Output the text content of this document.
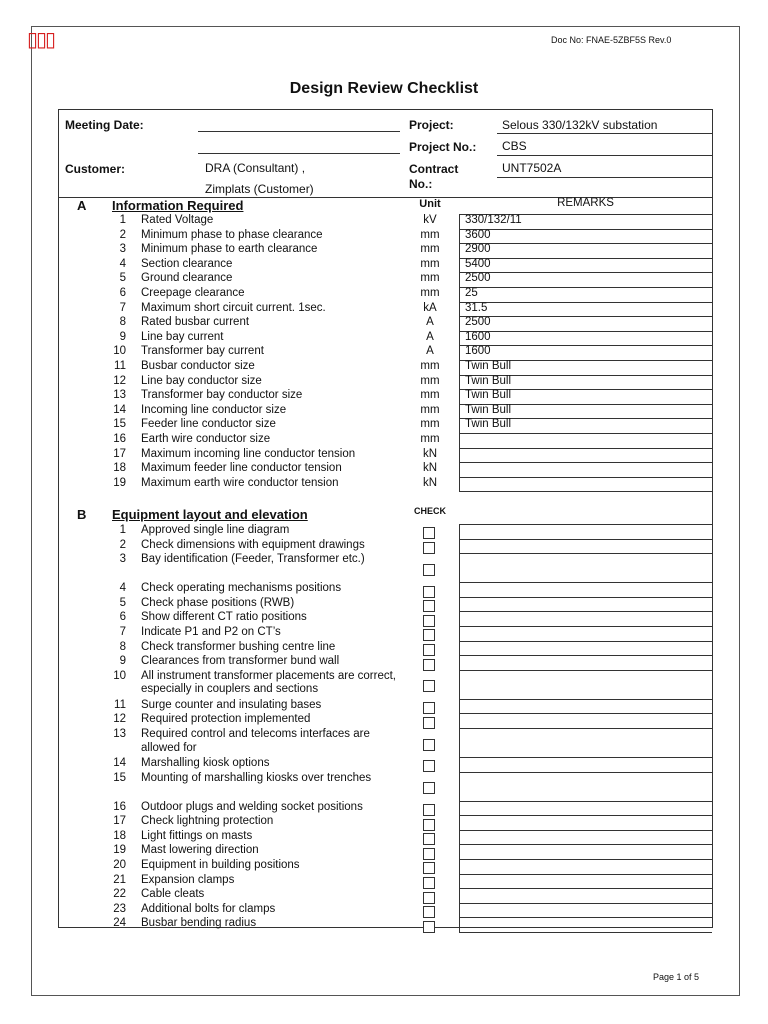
▯▯▯	Doc No: FNAE-5ZBF5S Rev.0
Design Review Checklist
Meeting Date:	Project:	Selous 330/132kV substation
Project No.: CBS
Customer:	DRA (Consultant) ,
Zimplats (Customer)
Contract
No.:
UNT7502A
A Information Required	Unit	REMARKS
1 Rated Voltage	kV	330/132/11
2 Minimum phase to phase clearance	mm	3600
3 Minimum phase to earth clearance	mm	2900
4 Section clearance	mm	5400
5 Ground clearance	mm	2500
6 Creepage clearance	mm	25
7 Maximum short circuit current. 1sec.	kA	31.5
8 Rated busbar current	A	2500
9 Line bay current	A	1600
10 Transformer bay current	A	1600
11 Busbar conductor size	mm	Twin Bull
12 Line bay conductor size	mm	Twin Bull
13 Transformer bay conductor size	mm	Twin Bull
14 Incoming line conductor size	mm	Twin Bull
15 Feeder line conductor size	mm	Twin Bull
16 Earth wire conductor size	mm
17 Maximum incoming line conductor tension	kN
18 Maximum feeder line conductor tension	kN
19 Maximum earth wire conductor tension	kN
B Equipment layout and elevation	CHECK
1 Approved single line diagram
2 Check dimensions with equipment drawings
3 Bay identification (Feeder, Transformer etc.)
4 Check operating mechanisms positions
5 Check phase positions (RWB)
6 Show different CT ratio positions
7 Indicate P1 and P2 on CT’s
8 Check transformer bushing centre line
9 Clearances from transformer bund wall
10 All instrument transformer placements are correct, especially in couplers and sections
11 Surge counter and insulating bases
12 Required protection implemented
13 Required control and telecoms interfaces are allowed for
14 Marshalling kiosk options
15 Mounting of marshalling kiosks over trenches
16 Outdoor plugs and welding socket positions
17 Check lightning protection
18 Light fittings on masts
19 Mast lowering direction
20 Equipment in building positions
21 Expansion clamps
22 Cable cleats
23 Additional bolts for clamps
24 Busbar bending radius
Page 1 of 5
